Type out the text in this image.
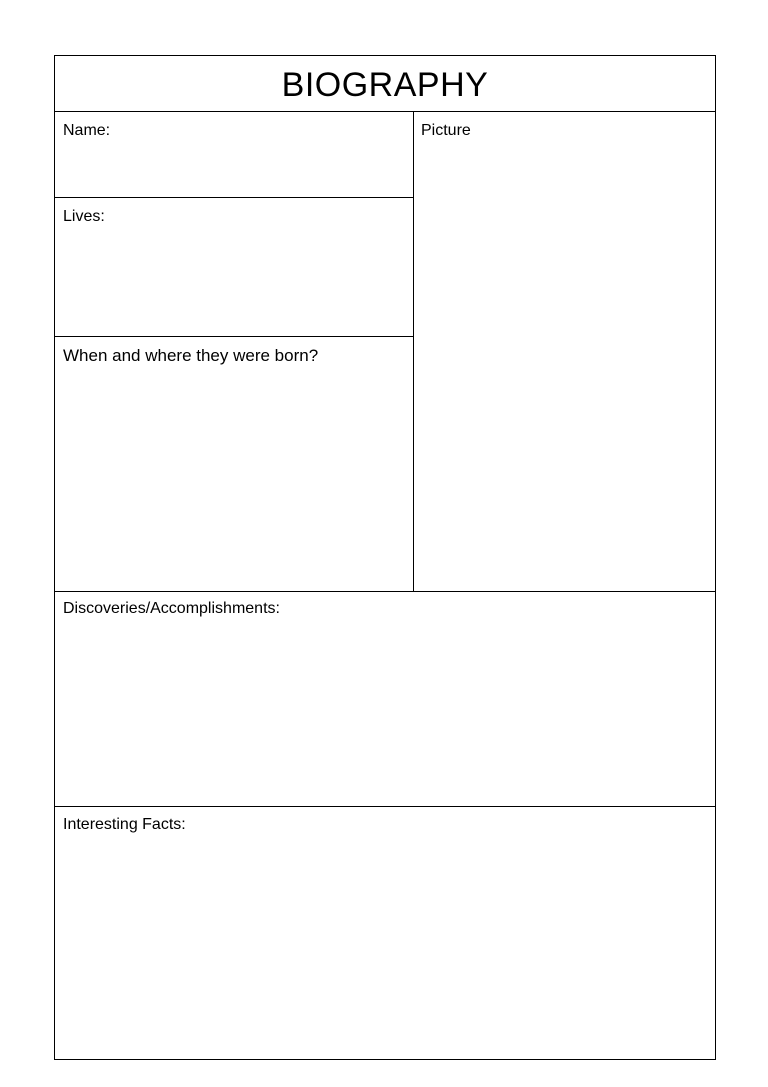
BIOGRAPHY
Name:
Lives:
When and where they were born?
Picture
Discoveries/Accomplishments:
Interesting Facts:
